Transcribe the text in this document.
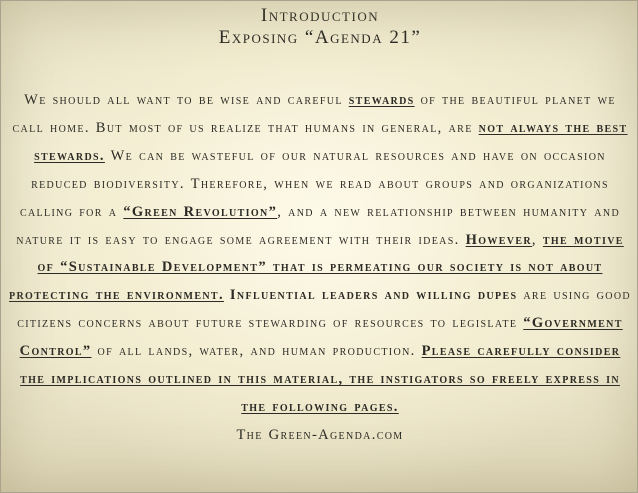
Introduction
Exposing “Agenda 21”
We should all want to be wise and careful stewards of the beautiful planet we call home. But most of us realize that humans in general, are not always the best stewards. We can be wasteful of our natural resources and have on occasion reduced biodiversity. Therefore, when we read about groups and organizations calling for a “Green Revolution”, and a new relationship between humanity and nature it is easy to engage some agreement with their ideas. However, the motive of “Sustainable Development” that is permeating our society is not about protecting the environment. Influential leaders and willing dupes are using good citizens concerns about future stewarding of resources to legislate “Government Control” of all lands, water, and human production. Please carefully consider the implications outlined in this material, the instigators so freely express in the following pages.
The Green-Agenda.com
